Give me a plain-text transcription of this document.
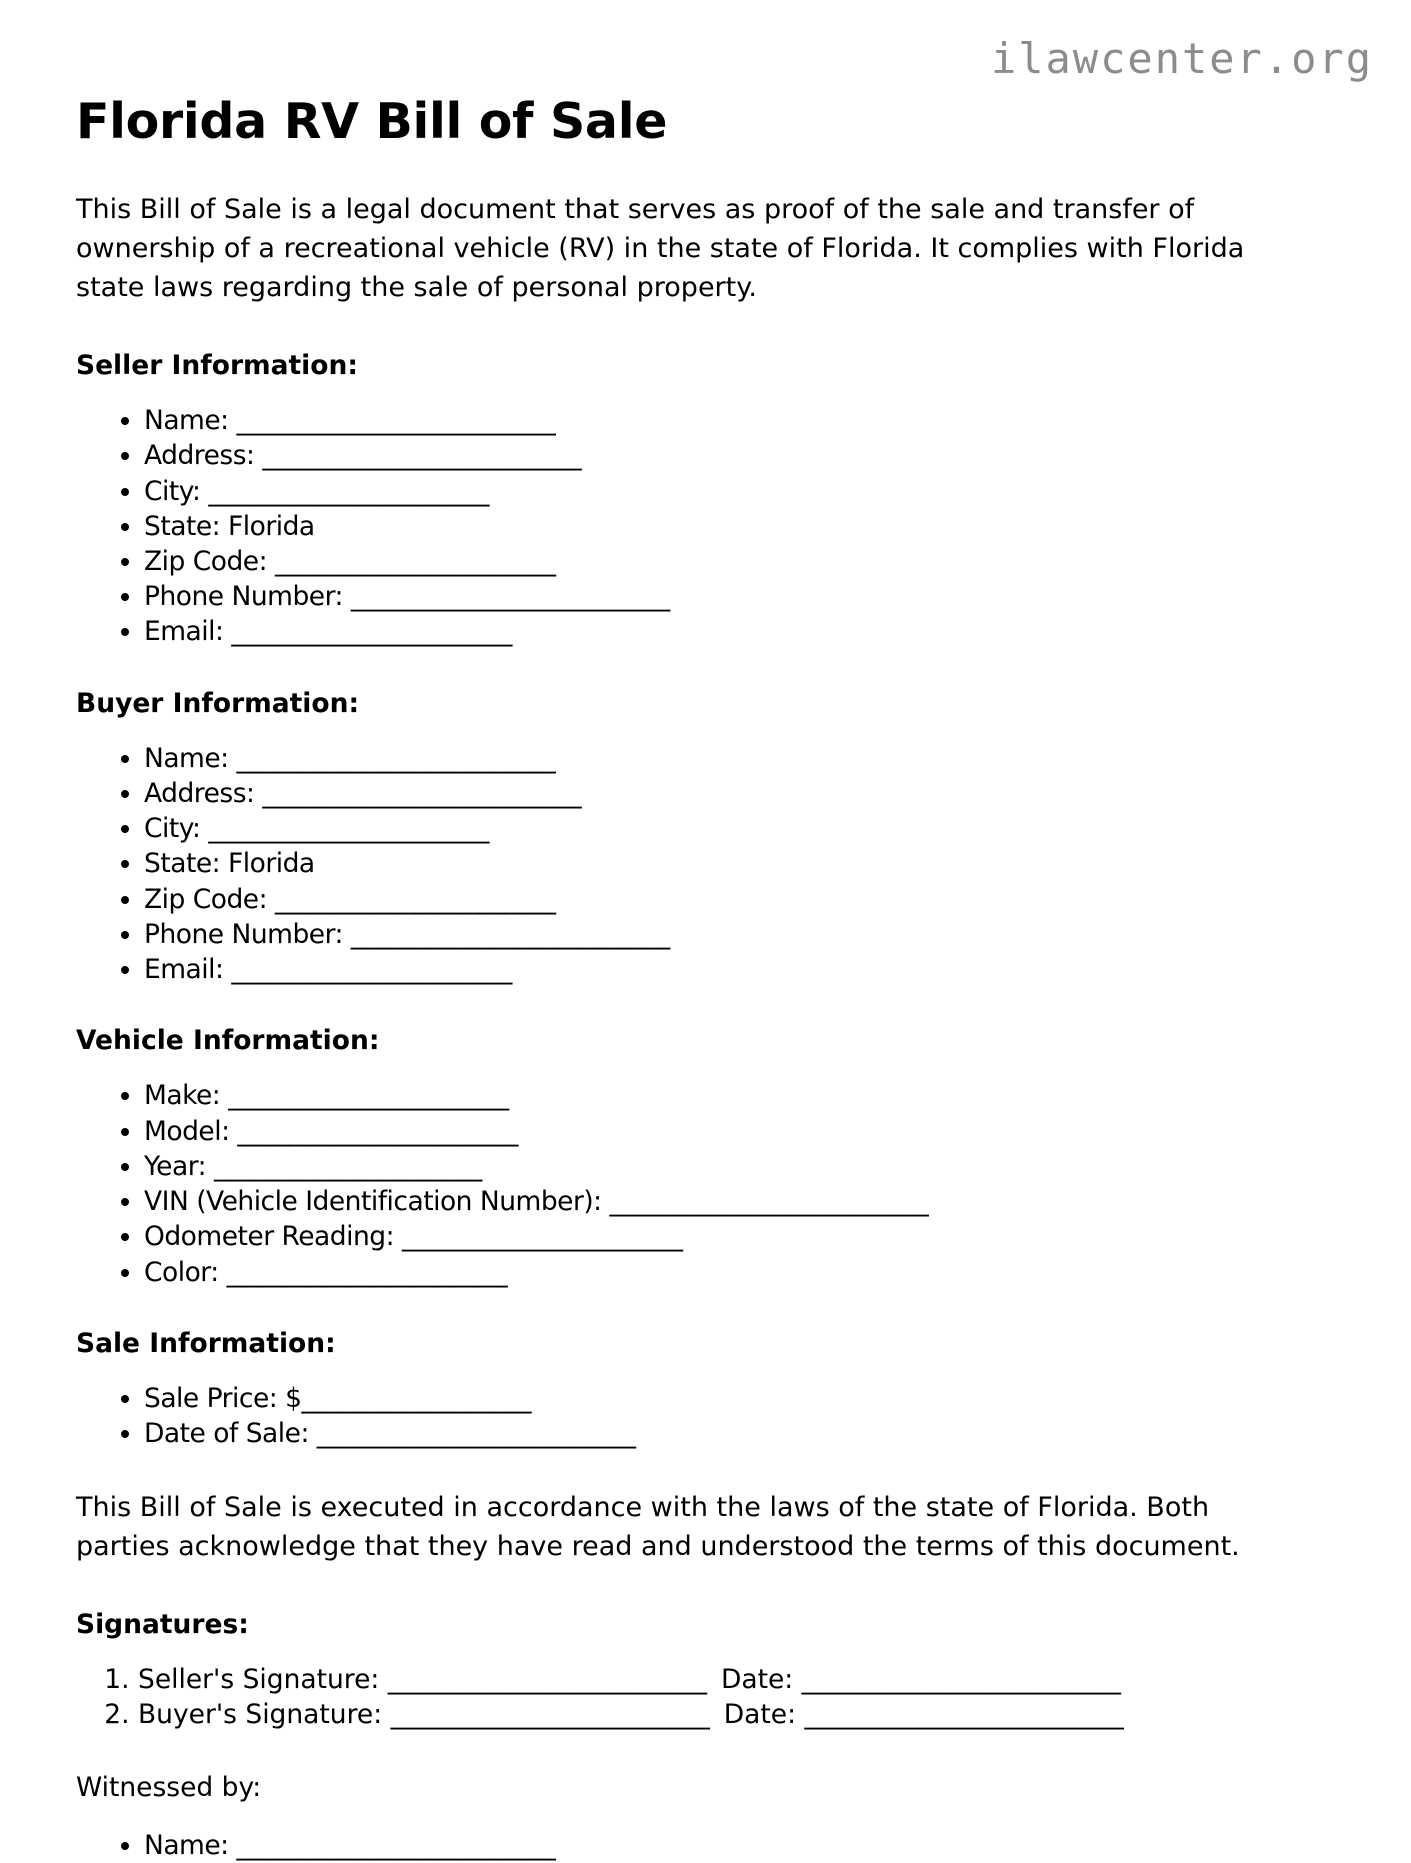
ilawcenter.org
Florida RV Bill of Sale

This Bill of Sale is a legal document that serves as proof of the sale and transfer of ownership of a recreational vehicle (RV) in the state of Florida. It complies with Florida state laws regarding the sale of personal property.

Seller Information:
• Name: _________________________
• Address: _________________________
• City: ______________________
• State: Florida
• Zip Code: ______________________
• Phone Number: _________________________
• Email: ______________________
Buyer Information:
• Name: _________________________
• Address: _________________________
• City: ______________________
• State: Florida
• Zip Code: ______________________
• Phone Number: _________________________
• Email: ______________________
Vehicle Information:
• Make: ______________________
• Model: ______________________
• Year: _____________________
• VIN (Vehicle Identification Number): _________________________
• Odometer Reading: ______________________
• Color: ______________________
Sale Information:
• Sale Price: $__________________
• Date of Sale: _________________________

This Bill of Sale is executed in accordance with the laws of the state of Florida. Both parties acknowledge that they have read and understood the terms of this document.

Signatures:
1. Seller's Signature: _________________________ Date: _________________________
2. Buyer's Signature: _________________________ Date: _________________________

Witnessed by:

• Name: _________________________
